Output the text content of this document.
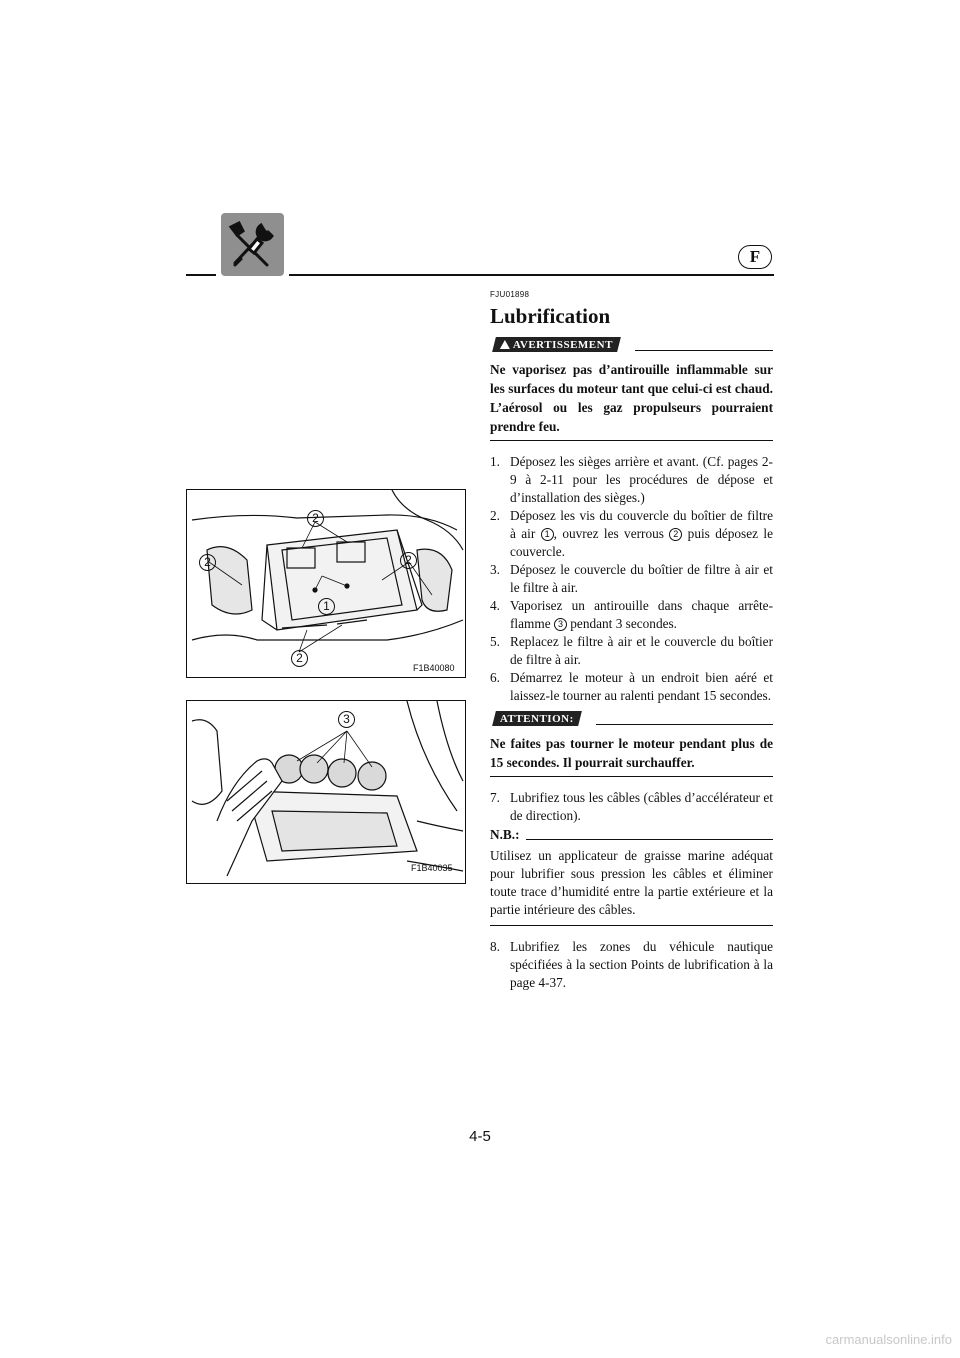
F
2
2	2
1
2
F1B40080
3
F1B40035
FJU01898
Lubrification
AVERTISSEMENT

Ne vaporisez pas d’antirouille inflammable sur les surfaces du moteur tant que celui-ci est chaud. L’aérosol ou les gaz propulseurs pourraient prendre feu.

1. Déposez les sièges arrière et avant. (Cf. pages 2-9 à 2-11 pour les procédures de dépose et d’installation des sièges.)
2. Déposez les vis du couvercle du boîtier de filtre à air 1 , ouvrez les verrous 2 puis déposez le couvercle.
3. Déposez le couvercle du boîtier de filtre à air et le filtre à air.
4. Vaporisez un antirouille dans chaque arrête-flamme 3 pendant 3 secondes.
5. Replacez le filtre à air et le couvercle du boîtier de filtre à air.
6. Démarrez le moteur à un endroit bien aéré et laissez-le tourner au ralenti pendant 15 secondes.
ATTENTION:

Ne faites pas tourner le moteur pendant plus de 15 secondes. Il pourrait surchauffer.

7. Lubrifiez tous les câbles (câbles d’accélérateur et de direction).
N.B.:

Utilisez un applicateur de graisse marine adéquat pour lubrifier sous pression les câbles et éliminer toute trace d’humidité entre la partie extérieure et la partie intérieure des câbles.

8. Lubrifiez les zones du véhicule nautique spécifiées à la section Points de lubrification à la page 4-37.
4-5
carmanualsonline.info
